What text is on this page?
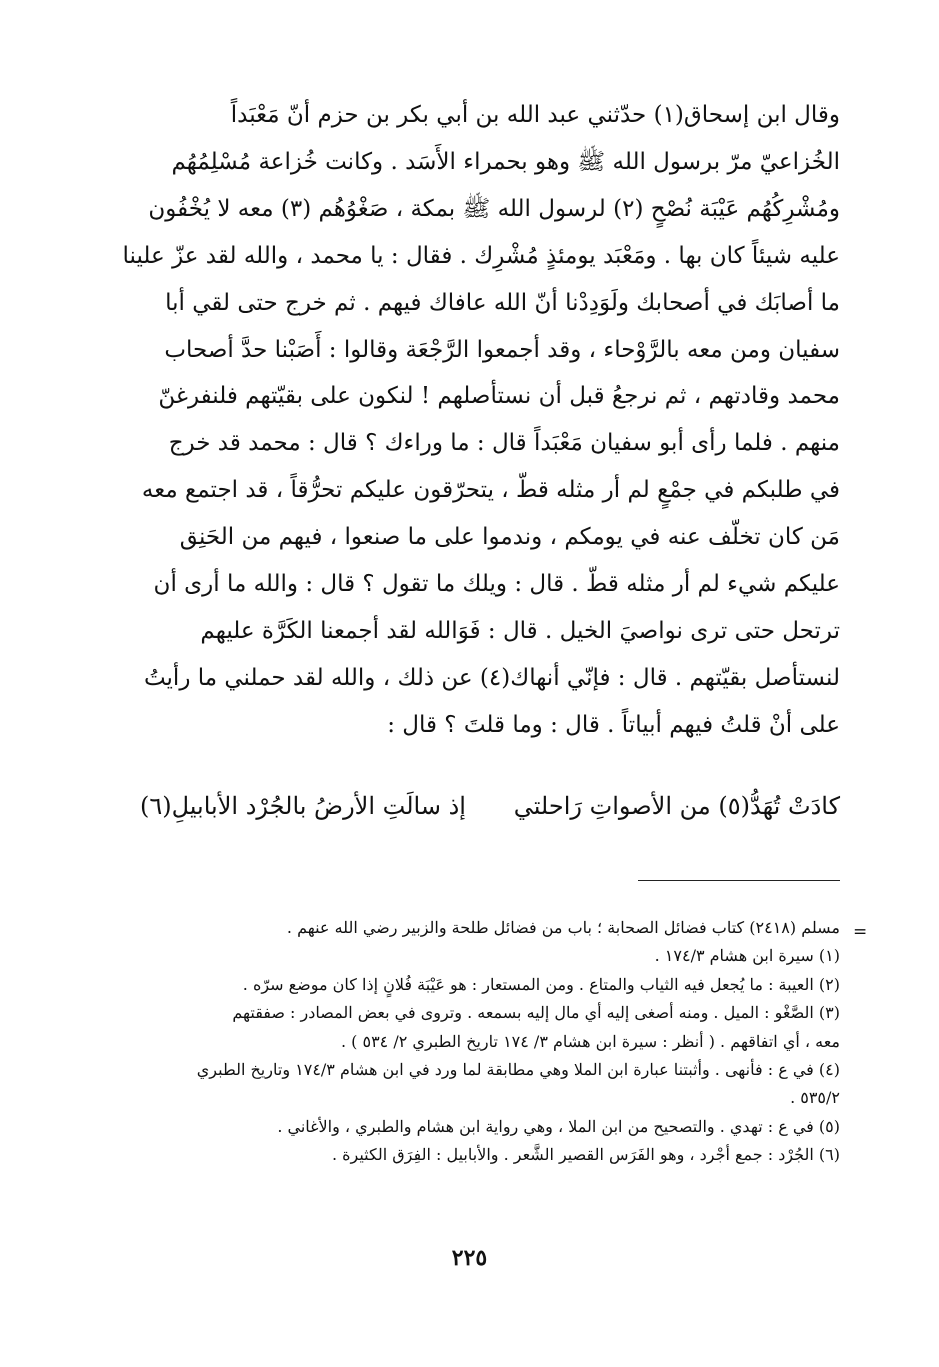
وقال ابن إسحاق(١) حدّثني عبد الله بن أبي بكر بن حزم أنّ مَعْبَداً

الخُزاعيّ مرّ برسول الله ﷺ وهو بحمراء الأَسَد . وكانت خُزاعة مُسْلِمُهُم

ومُشْرِكُهُم عَيْبَة نُصْحٍ (٢) لرسول الله ﷺ بمكة ، صَغْوُهُم (٣) معه لا يُخْفُون

عليه شيئاً كان بها . ومَعْبَد يومئذٍ مُشْرِك . فقال : يا محمد ، والله لقد عزّ علينا

ما أصابَك في أصحابك ولَوَدِدْنا أنّ الله عافاك فيهم . ثم خرج حتى لقي أبا

سفيان ومن معه بالرَّوْحاء ، وقد أجمعوا الرَّجْعَة وقالوا : أَصَبْنا حدَّ أصحاب

محمد وقادتهم ، ثم نرجعُ قبل أن نستأصلهم ! لنكون على بقيّتهم فلنفرغنّ

منهم . فلما رأى أبو سفيان مَعْبَداً قال : ما وراءك ؟ قال : محمد قد خرج

في طلبكم في جمْعٍ لم أر مثله قطّ ، يتحرّقون عليكم تحرُّقاً ، قد اجتمع معه

مَن كان تخلّف عنه في يومكم ، وندموا على ما صنعوا ، فيهم من الحَنِق

عليكم شيء لم أر مثله قطّ . قال : ويلك ما تقول ؟ قال : والله ما أرى أن

ترتحل حتى ترى نواصيَ الخيل . قال : فَوَالله لقد أجمعنا الكَرَّة عليهم

لنستأصل بقيّتهم . قال : فإنّي أنهاك(٤) عن ذلك ، والله لقد حملني ما رأيتُ

على أنْ قلتُ فيهم أبياتاً . قال : وما قلتَ ؟ قال :

كادَتْ تُهَدُّ(٥) من الأصواتِ رَاحلتي
إذ سالَتِ الأرضُ بالجُرْد الأبابيلِ(٦)
=

مسلم (٢٤١٨) كتاب فضائل الصحابة ؛ باب من فضائل طلحة والزبير رضي الله عنهم .

(١) سيرة ابن هشام ١٧٤/٣ .

(٢) العيبة : ما يُجعل فيه الثياب والمتاع . ومن المستعار : هو عَيْبَة فُلانٍ إذا كان موضع سرّه .

(٣) الصَّغْو : الميل . ومنه أصغى إليه أي مال إليه بسمعه . وتروى في بعض المصادر : صفقتهم

معه ، أي اتفاقهم . ( أنظر : سيرة ابن هشام ٣/ ١٧٤ تاريخ الطبري ٢/ ٥٣٤ ) .

(٤) في ع : فأنهى . وأثبتنا عبارة ابن الملا وهي مطابقة لما ورد في ابن هشام ١٧٤/٣ وتاريخ الطبري

٥٣٥/٢ .

(٥) في ع : تهدي . والتصحيح من ابن الملا ، وهي رواية ابن هشام والطبري ، والأغاني .

(٦) الجُرْد : جمع أجْرد ، وهو الفَرَس القصير الشَّعر . والأبابيل : الفِرَق الكثيرة .

٢٢٥
